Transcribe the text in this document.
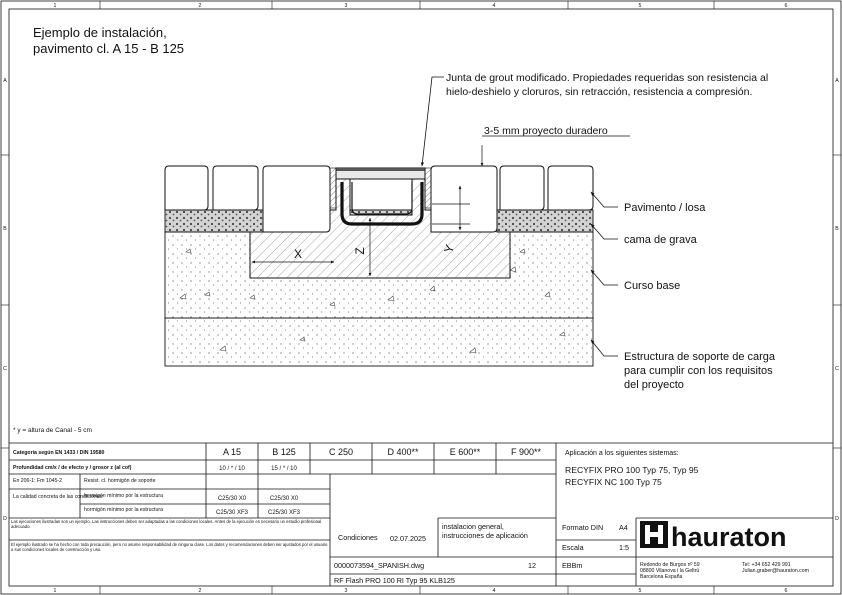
1	2	3	4	5	6
1	2	3	4	5	6
A
B
C
D
A
B
C
D
Ejemplo de instalación,
pavimento cl. A 15 - B 125
X	Z	Y
Junta de grout modificado. Propiedades requeridas son resistencia al
hielo-deshielo y cloruros, sin retracción, resistencia a compresión.
3-5 mm proyecto duradero
Pavimento / losa
cama de grava
Curso base
Estructura de soporte de carga
para cumplir con los requisitos
del proyecto
* y = altura de Canal - 5 cm
Categoría según EN 1433 / DIN 19580	A 15	B 125	C 250	D 400**	E 600**	F 900**
Profundidad cm/x / de efecto y / grosor z (al cof)	10 / * / 10	15 / * / 10
En 206-1: Fm 1045-2	Resist. cl. hormigón de soporte
La calidad concreta de las condiciones:
hormigón mínimo por la estructura	C25/30 X0	C25/30 X0
hormigón mínimo por la estructura	C25/30 XF3	C25/30 XF3
Aplicación a los siguientes sistemas:
RECYFIX PRO 100 Typ 75, Typ 95
RECYFIX NC 100 Typ 75
Las ejecuciones ilustradas son un ejemplo. Las instrucciones deben ser adaptadas a las condiciones locales. Antes de la ejecución es necesario un estudio profesional adecuado.
El ejemplo ilustrado se ha hecho con toda precaución, pero no asume responsabilidad de ninguna clase. Los datos y recomendaciones deben ser ajustados por el usuario a sus condiciones locales de construcción y uso.
Condiciones 02.07.2025
instalacion general,
instrucciones de aplicación
Formato DIN A4
Escala	1:5
0000073594_SPANISH.dwg	12	EBBm
RF Flash PRO 100 RI Typ 95 KLB125
hauraton
Redondo de Burgos nº 59
08800 Vilanova i la Geltrú
Barcelona España
Tel: +34 652 429 991
Julian.graber@hauraton.com
